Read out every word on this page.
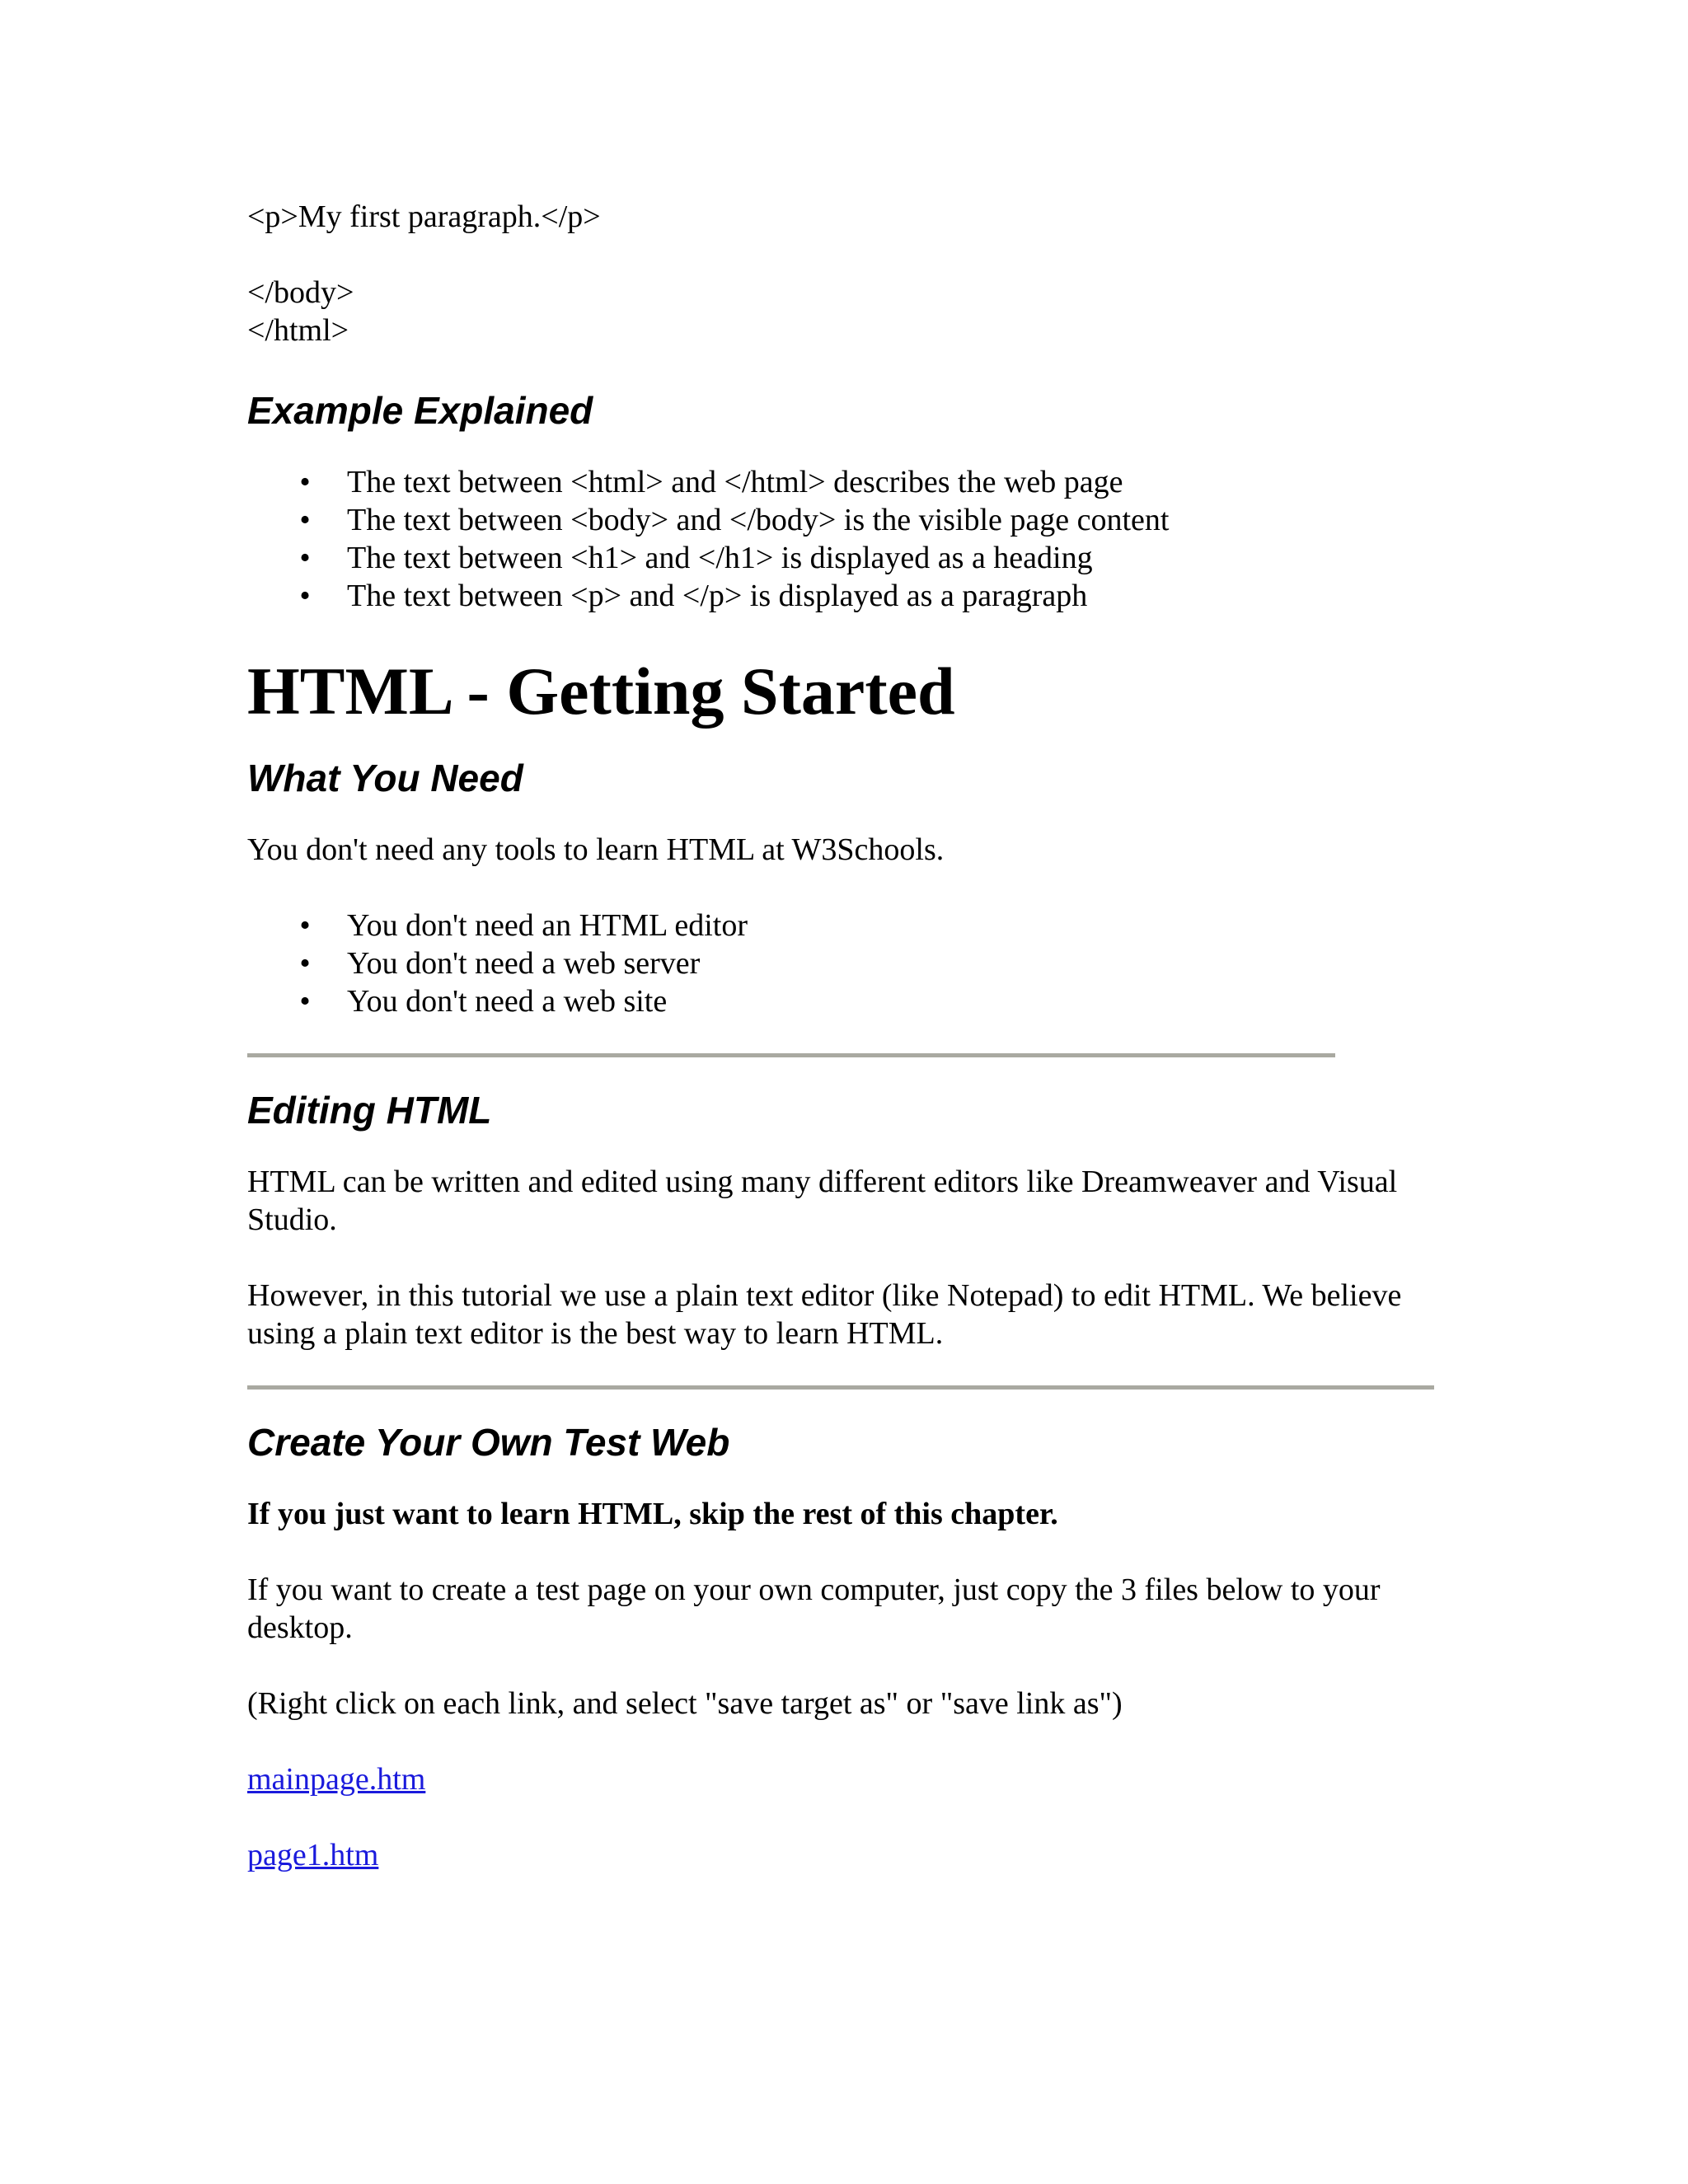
<p>My first paragraph.</p>
</body>
</html>
Example Explained
• The text between <html> and </html> describes the web page
• The text between <body> and </body> is the visible page content
• The text between <h1> and </h1> is displayed as a heading
• The text between <p> and </p> is displayed as a paragraph
HTML - Getting Started
What You Need

You don't need any tools to learn HTML at W3Schools.

• You don't need an HTML editor
• You don't need a web server
• You don't need a web site
Editing HTML

HTML can be written and edited using many different editors like Dreamweaver and Visual Studio.

However, in this tutorial we use a plain text editor (like Notepad) to edit HTML. We believe using a plain text editor is the best way to learn HTML.

Create Your Own Test Web

If you just want to learn HTML, skip the rest of this chapter.

If you want to create a test page on your own computer, just copy the 3 files below to your desktop.

(Right click on each link, and select "save target as" or "save link as")

mainpage.htm

page1.htm
